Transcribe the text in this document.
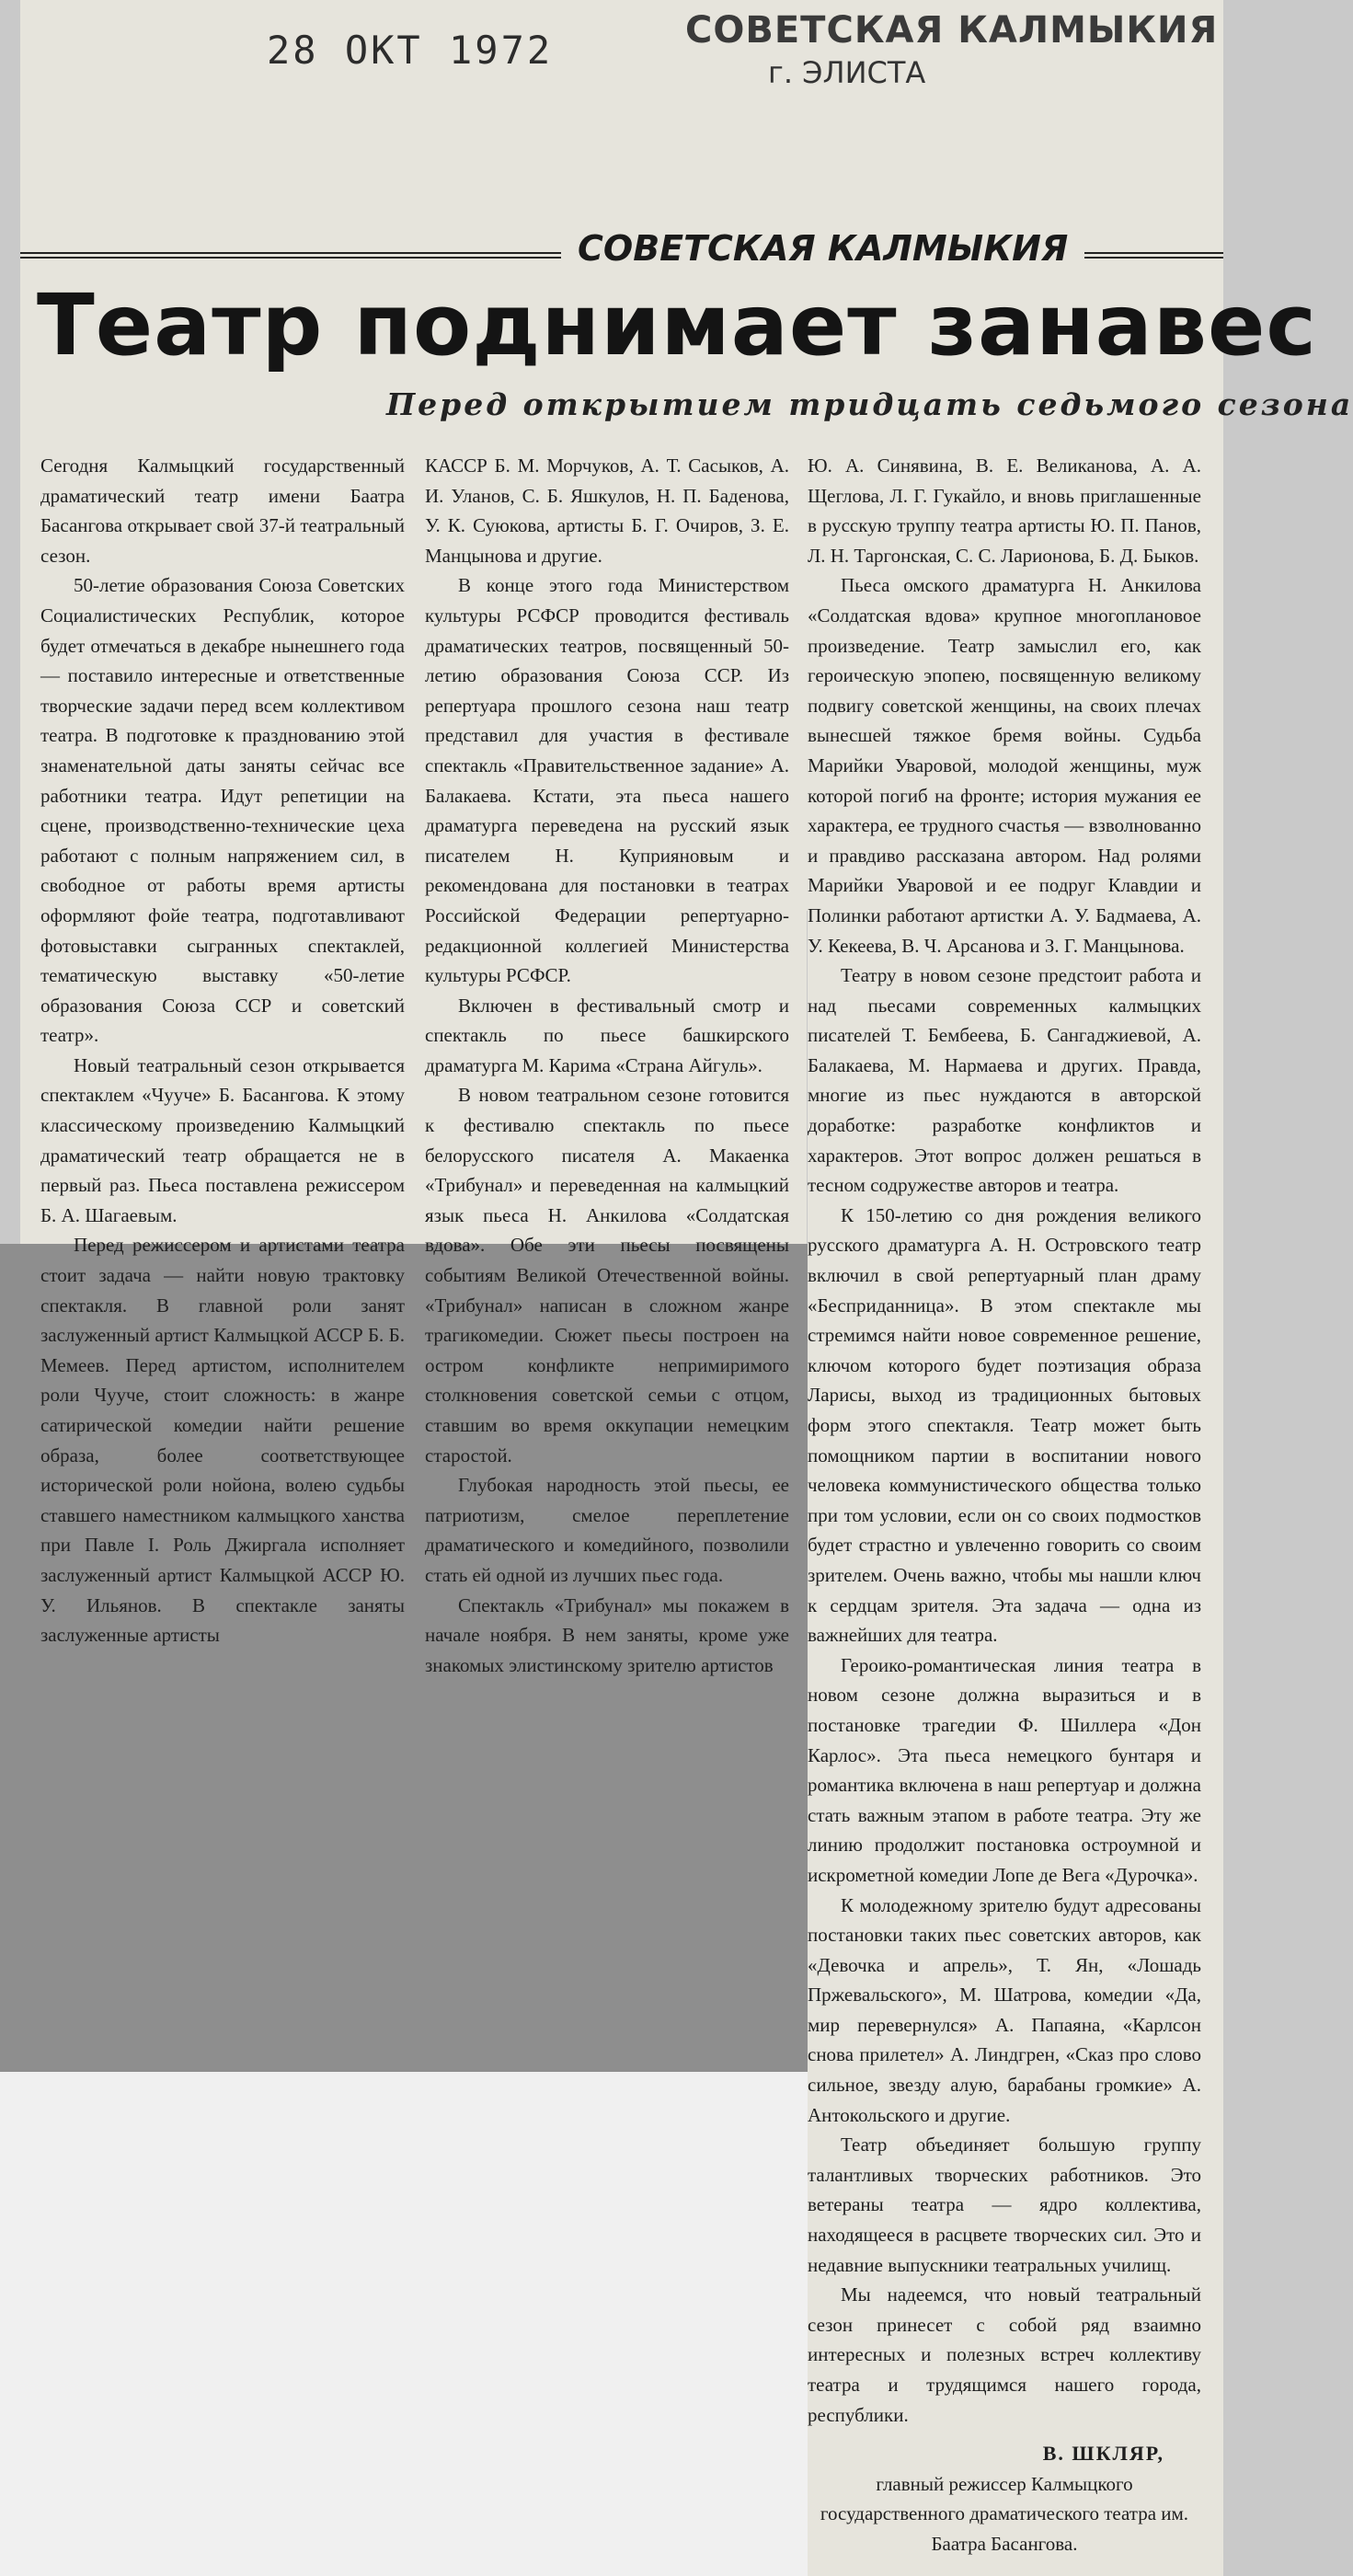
28 ОКТ 1972	СОВЕТСКАЯ КАЛМЫКИЯ
г. ЭЛИСТА
СОВЕТСКАЯ КАЛМЫКИЯ
Театр поднимает занавес
Перед открытием тридцать седьмого сезона

Сегодня Калмыцкий государственный драматический театр имени Баатра Басангова открывает свой 37-й театральный сезон.

50-летие образования Союза Советских Социалистических Республик, которое будет отмечаться в декабре нынешнего года — поставило интересные и ответственные творческие задачи перед всем коллективом театра. В подготовке к празднованию этой знаменательной даты заняты сейчас все работники театра. Идут репетиции на сцене, производственно-технические цеха работают с полным напряжением сил, в свободное от работы время артисты оформляют фойе театра, подготавливают фотовыставки сыгранных спектаклей, тематическую выставку «50-летие образования Союза ССР и советский театр».

Новый театральный сезон открывается спектаклем «Чууче» Б. Басангова. К этому классическому произведению Калмыцкий драматический театр обращается не в первый раз. Пьеса поставлена режиссером Б. А. Шагаевым.

Перед режиссером и артистами театра стоит задача — найти новую трактовку спектакля. В главной роли занят заслуженный артист Калмыцкой АССР Б. Б. Мемеев. Перед артистом, исполнителем роли Чууче, стоит сложность: в жанре сатирической комедии найти решение образа, более соответствующее исторической роли нойона, волею судьбы ставшего наместником калмыцкого ханства при Павле I. Роль Джиргала исполняет заслуженный артист Калмыцкой АССР Ю. У. Ильянов. В спектакле заняты заслуженные артисты

КАССР Б. М. Морчуков, А. Т. Сасыков, А. И. Уланов, С. Б. Яшкулов, Н. П. Баденова, У. К. Суюкова, артисты Б. Г. Очиров, З. Е. Манцынова и другие.

В конце этого года Министерством культуры РСФСР проводится фестиваль драматических театров, посвященный 50-летию образования Союза ССР. Из репертуара прошлого сезона наш театр представил для участия в фестивале спектакль «Правительственное задание» А. Балакаева. Кстати, эта пьеса нашего драматурга переведена на русский язык писателем Н. Куприяновым и рекомендована для постановки в театрах Российской Федерации репертуарно-редакционной коллегией Министерства культуры РСФСР.

Включен в фестивальный смотр и спектакль по пьесе башкирского драматурга М. Карима «Страна Айгуль».

В новом театральном сезоне готовится к фестивалю спектакль по пьесе белорусского писателя А. Макаенка «Трибунал» и переведенная на калмыцкий язык пьеса Н. Анкилова «Солдатская вдова». Обе эти пьесы посвящены событиям Великой Отечественной войны. «Трибунал» написан в сложном жанре трагикомедии. Сюжет пьесы построен на остром конфликте непримиримого столкновения советской семьи с отцом, ставшим во время оккупации немецким старостой.

Глубокая народность этой пьесы, ее патриотизм, смелое переплетение драматического и комедийного, позволили стать ей одной из лучших пьес года.

Спектакль «Трибунал» мы покажем в начале ноября. В нем заняты, кроме уже знакомых элистинскому зрителю артистов

Ю. А. Синявина, В. Е. Великанова, А. А. Щеглова, Л. Г. Гукайло, и вновь приглашенные в русскую труппу театра артисты Ю. П. Панов, Л. Н. Таргонская, С. С. Ларионова, Б. Д. Быков.

Пьеса омского драматурга Н. Анкилова «Солдатская вдова» крупное многоплановое произведение. Театр замыслил его, как героическую эпопею, посвященную великому подвигу советской женщины, на своих плечах вынесшей тяжкое бремя войны. Судьба Марийки Уваровой, молодой женщины, муж которой погиб на фронте; история мужания ее характера, ее трудного счастья — взволнованно и правдиво рассказана автором. Над ролями Марийки Уваровой и ее подруг Клавдии и Полинки работают артистки А. У. Бадмаева, А. У. Кекеева, В. Ч. Арсанова и З. Г. Манцынова.

Театру в новом сезоне предстоит работа и над пьесами современных калмыцких писателей Т. Бембеева, Б. Сангаджиевой, А. Балакаева, М. Нармаева и других. Правда, многие из пьес нуждаются в авторской доработке: разработке конфликтов и характеров. Этот вопрос должен решаться в тесном содружестве авторов и театра.

К 150-летию со дня рождения великого русского драматурга А. Н. Островского театр включил в свой репертуарный план драму «Бесприданница». В этом спектакле мы стремимся найти новое современное решение, ключом которого будет поэтизация образа Ларисы, выход из традиционных бытовых форм этого спектакля. Театр может быть помощником партии в воспитании нового человека коммунистического общества только при том условии, если он со своих подмостков будет страстно и увлеченно говорить со своим зрителем. Очень важно, чтобы мы нашли ключ к сердцам зрителя. Эта задача — одна из важнейших для театра.

Героико-романтическая линия театра в новом сезоне должна выразиться и в постановке трагедии Ф. Шиллера «Дон Карлос». Эта пьеса немецкого бунтаря и романтика включена в наш репертуар и должна стать важным этапом в работе театра. Эту же линию продолжит постановка остроумной и искрометной комедии Лопе де Вега «Дурочка».

К молодежному зрителю будут адресованы постановки таких пьес советских авторов, как «Девочка и апрель», Т. Ян, «Лошадь Пржевальского», М. Шатрова, комедии «Да, мир перевернулся» А. Папаяна, «Карлсон снова прилетел» А. Линдгрен, «Сказ про слово сильное, звезду алую, барабаны громкие» А. Антокольского и другие.

Театр объединяет большую группу талантливых творческих работников. Это ветераны театра — ядро коллектива, находящееся в расцвете творческих сил. Это и недавние выпускники театральных училищ.

Мы надеемся, что новый театральный сезон принесет с собой ряд взаимно интересных и полезных встреч коллективу театра и трудящимся нашего города, республики.

В. ШКЛЯР,
главный режиссер Калмыцкого государственного драматического театра им. Баатра Басангова.
